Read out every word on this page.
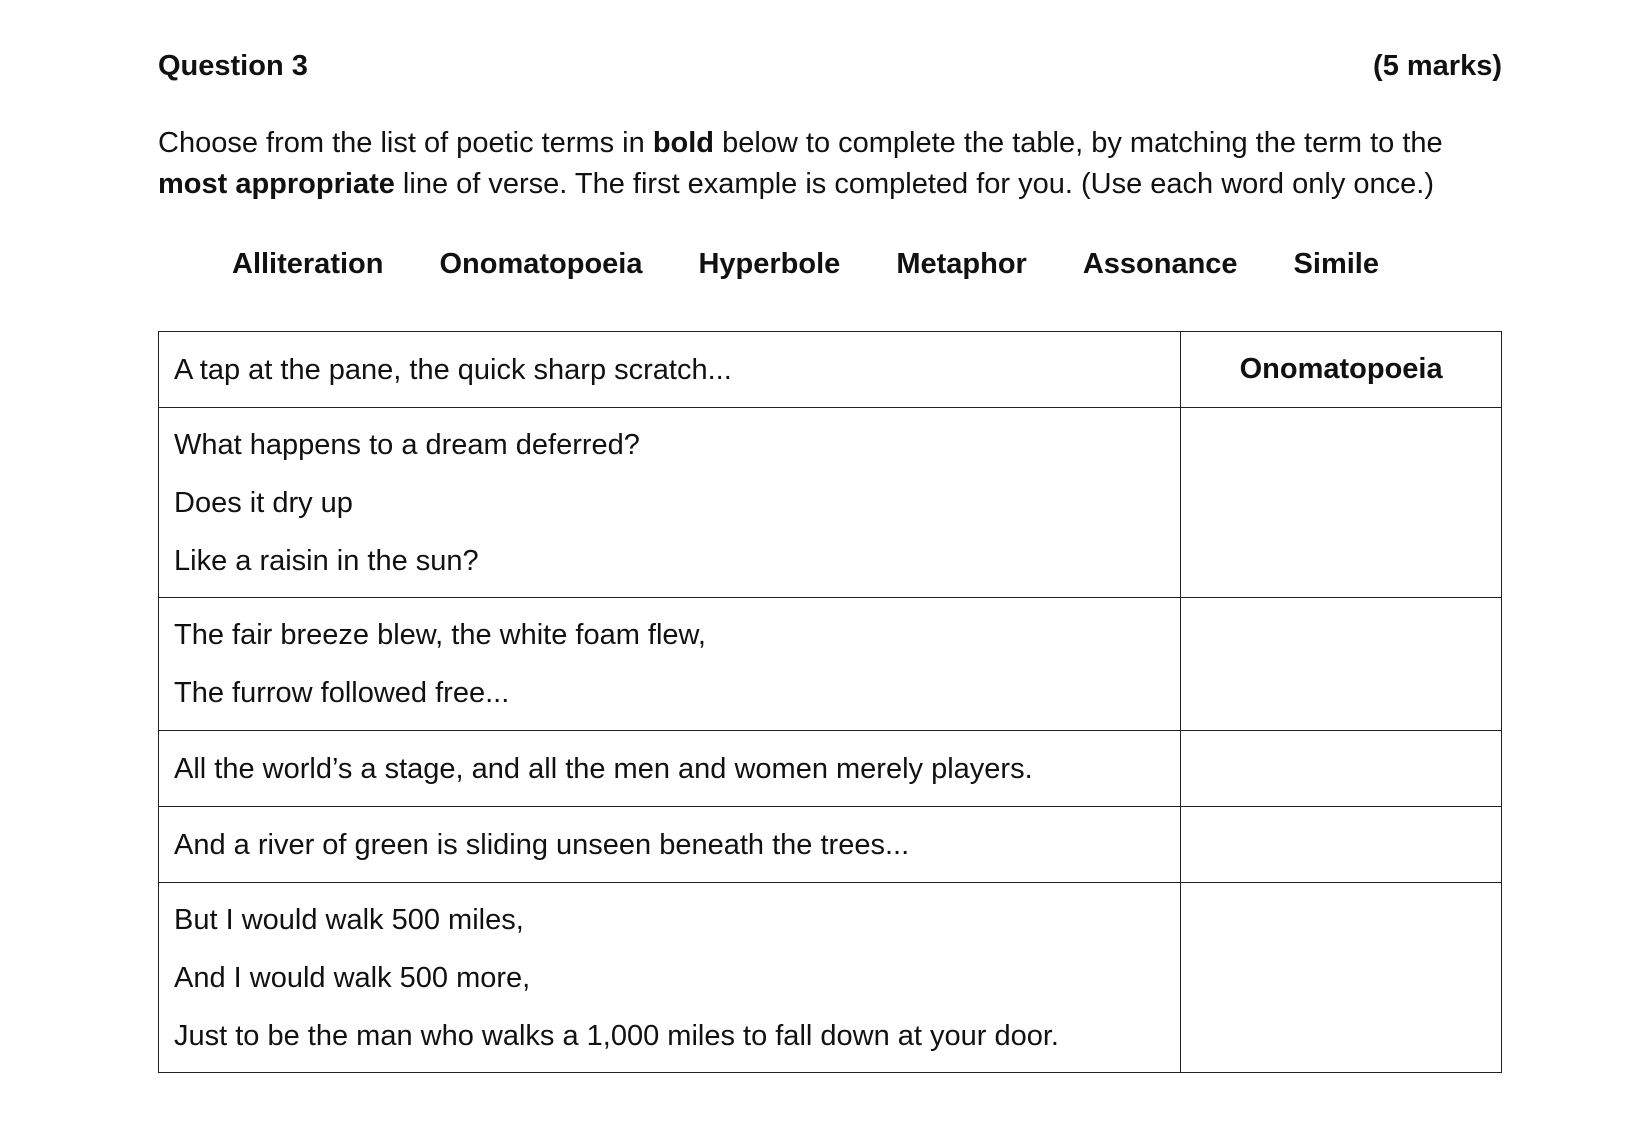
Question 3	(5 marks)
Choose from the list of poetic terms in bold below to complete the table, by matching the term to the most appropriate line of verse. The first example is completed for you. (Use each word only once.)
Alliteration Onomatopoeia Hyperbole Metaphor Assonance Simile
A tap at the pane, the quick sharp scratch...	Onomatopoeia

What happens to a dream deferred?
Does it dry up
Like a raisin in the sun?	

The fair breeze blew, the white foam flew,
The furrow followed free...	

All the world’s a stage, and all the men and women merely players.	

And a river of green is sliding unseen beneath the trees...	

But I would walk 500 miles,
And I would walk 500 more,
Just to be the man who walks a 1,000 miles to fall down at your door.	
